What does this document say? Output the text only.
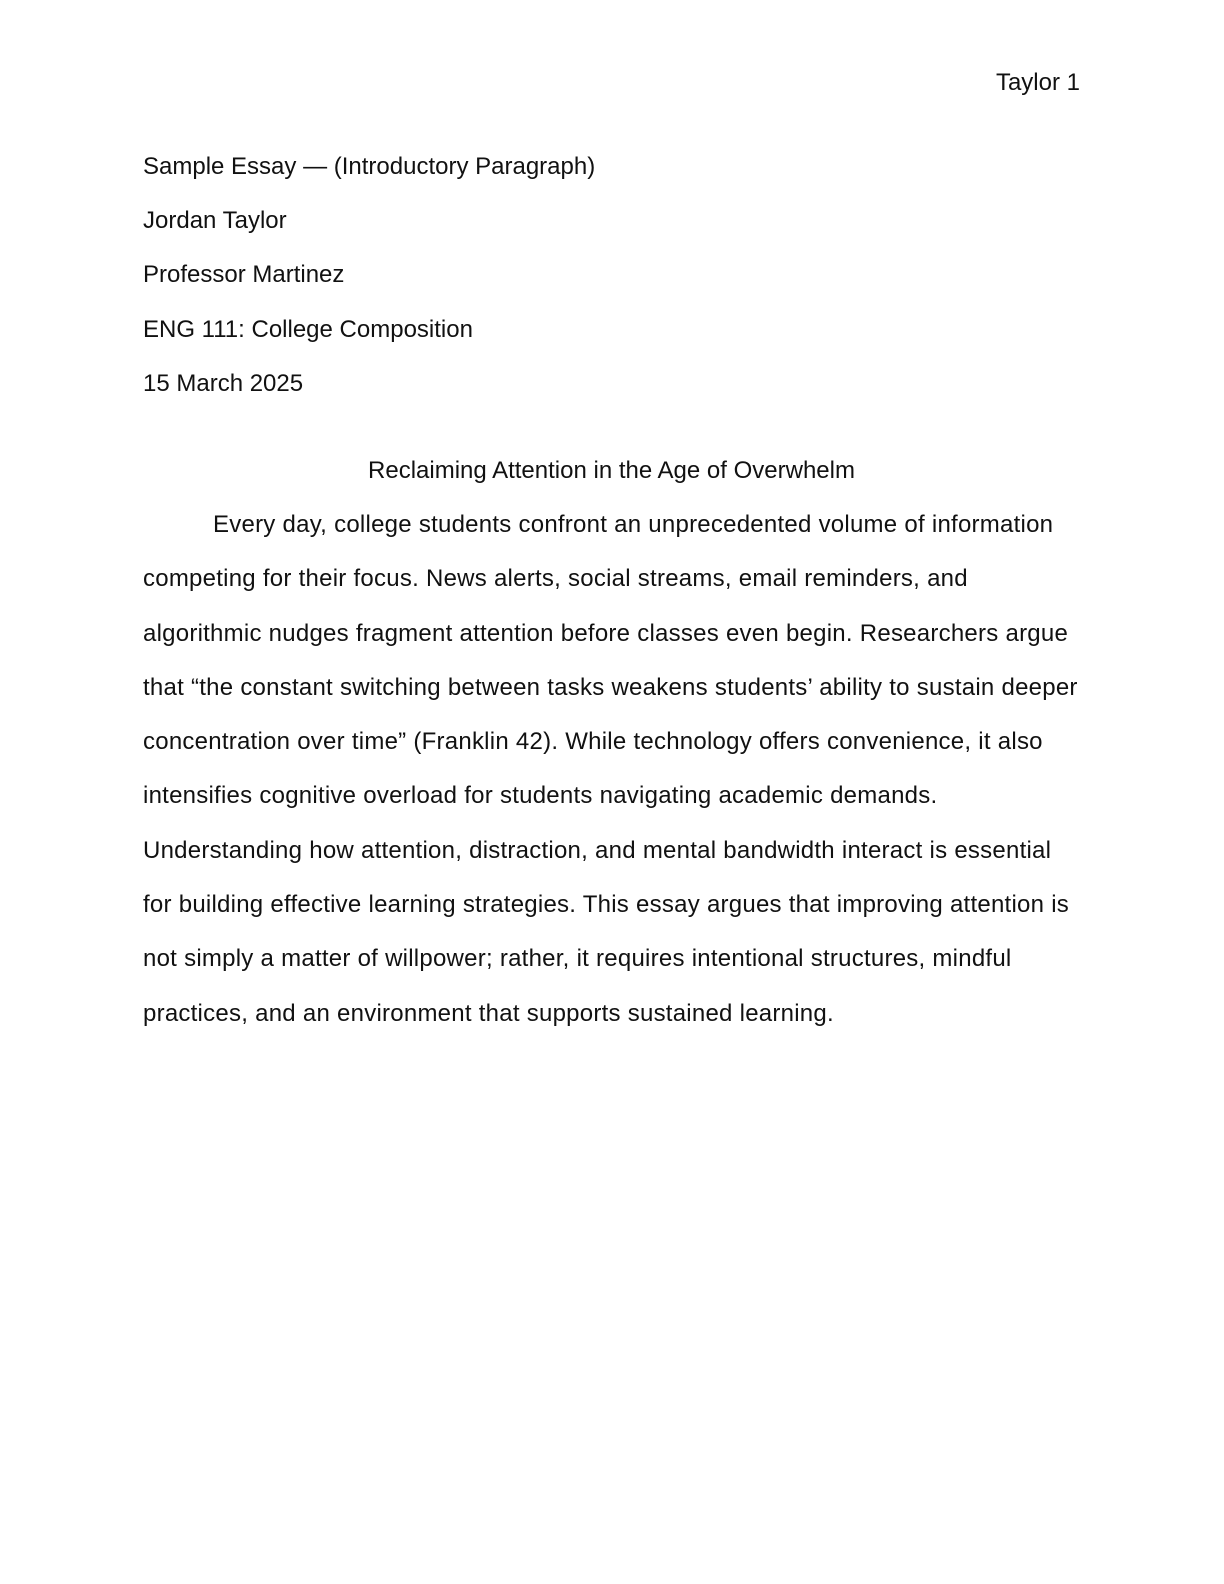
Taylor 1
Sample Essay — (Introductory Paragraph)
Jordan Taylor
Professor Martinez
ENG 111: College Composition
15 March 2025
Reclaiming Attention in the Age of Overwhelm

Every day, college students confront an unprecedented volume of information competing for their focus. News alerts, social streams, email reminders, and algorithmic nudges fragment attention before classes even begin. Researchers argue that “the constant switching between tasks weakens students’ ability to sustain deeper concentration over time” (Franklin 42). While technology offers convenience, it also intensifies cognitive overload for students navigating academic demands. Understanding how attention, distraction, and mental bandwidth interact is essential for building effective learning strategies. This essay argues that improving attention is not simply a matter of willpower; rather, it requires intentional structures, mindful practices, and an environment that supports sustained learning.
